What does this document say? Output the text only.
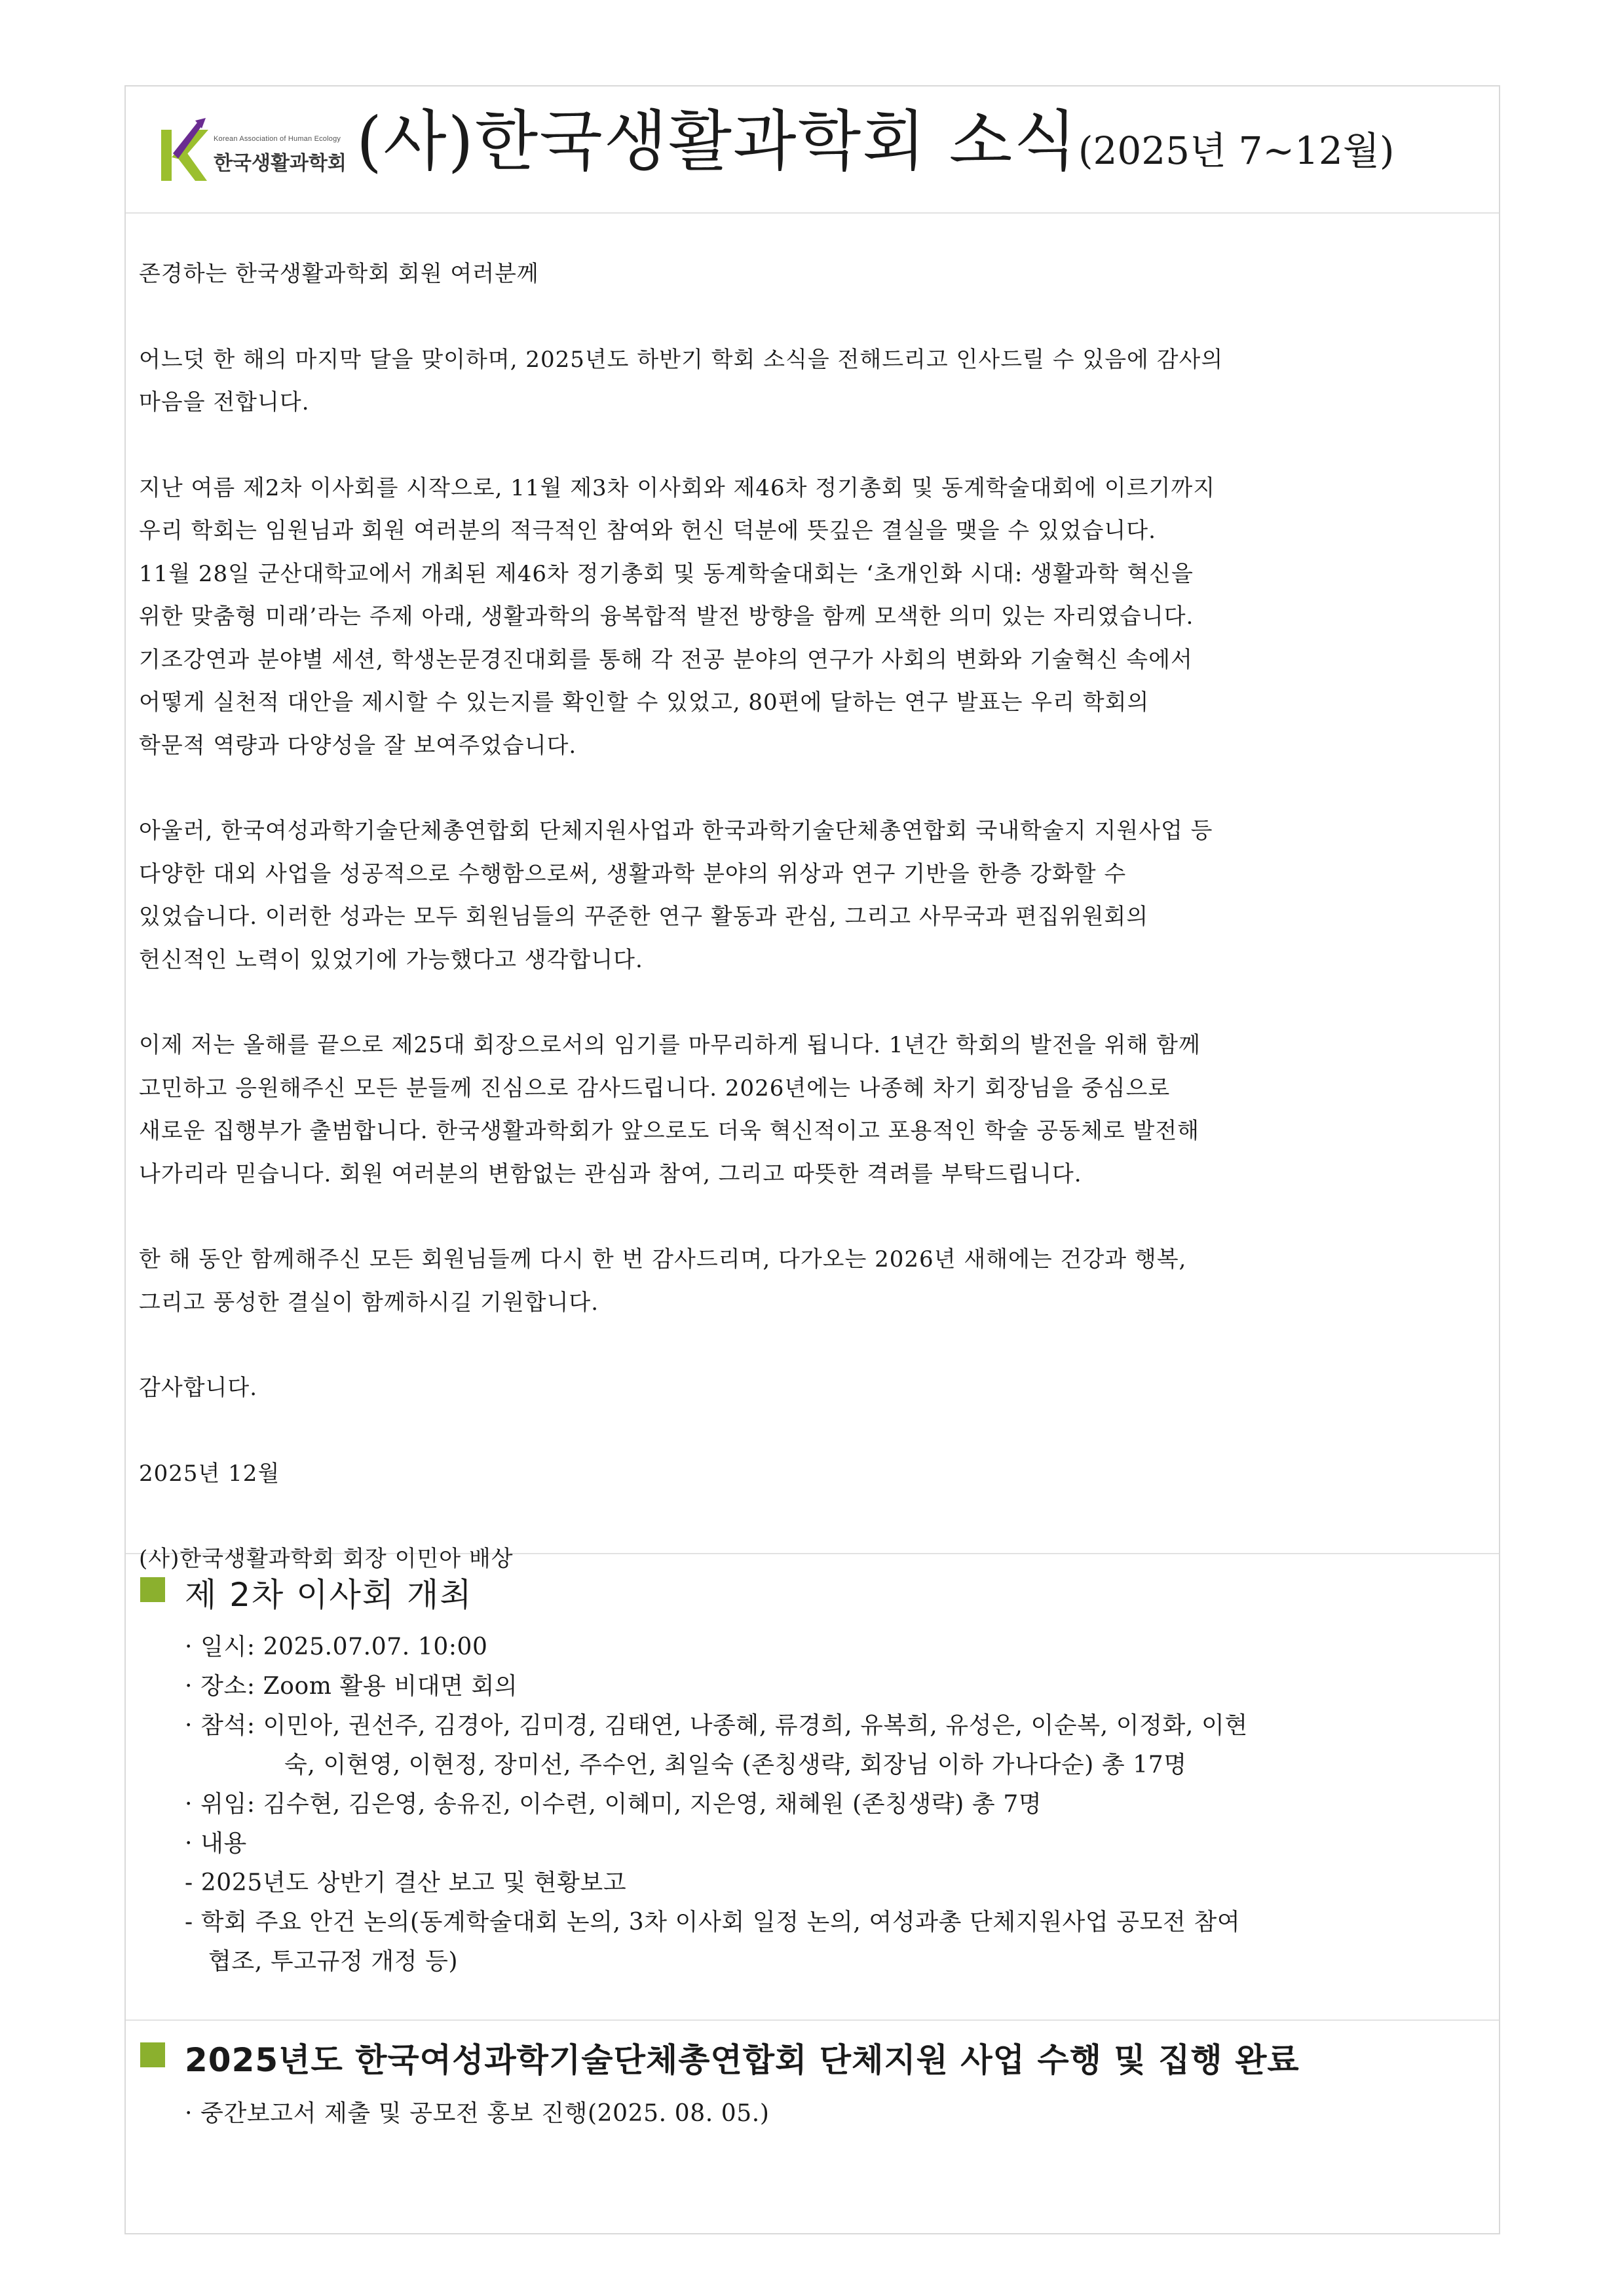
Korean Association of Human Ecology
한국생활과학회 (사)한국생활과학회 소식(2025년 7~12월)

존경하는 한국생활과학회 회원 여러분께

어느덧 한 해의 마지막 달을 맞이하며, 2025년도 하반기 학회 소식을 전해드리고 인사드릴 수 있음에 감사의
마음을 전합니다.

지난 여름 제2차 이사회를 시작으로, 11월 제3차 이사회와 제46차 정기총회 및 동계학술대회에 이르기까지
우리 학회는 임원님과 회원 여러분의 적극적인 참여와 헌신 덕분에 뜻깊은 결실을 맺을 수 있었습니다.
11월 28일 군산대학교에서 개최된 제46차 정기총회 및 동계학술대회는 ‘초개인화 시대: 생활과학 혁신을
위한 맞춤형 미래’라는 주제 아래, 생활과학의 융복합적 발전 방향을 함께 모색한 의미 있는 자리였습니다.
기조강연과 분야별 세션, 학생논문경진대회를 통해 각 전공 분야의 연구가 사회의 변화와 기술혁신 속에서
어떻게 실천적 대안을 제시할 수 있는지를 확인할 수 있었고, 80편에 달하는 연구 발표는 우리 학회의
학문적 역량과 다양성을 잘 보여주었습니다.

아울러, 한국여성과학기술단체총연합회 단체지원사업과 한국과학기술단체총연합회 국내학술지 지원사업 등
다양한 대외 사업을 성공적으로 수행함으로써, 생활과학 분야의 위상과 연구 기반을 한층 강화할 수
있었습니다. 이러한 성과는 모두 회원님들의 꾸준한 연구 활동과 관심, 그리고 사무국과 편집위원회의
헌신적인 노력이 있었기에 가능했다고 생각합니다.

이제 저는 올해를 끝으로 제25대 회장으로서의 임기를 마무리하게 됩니다. 1년간 학회의 발전을 위해 함께
고민하고 응원해주신 모든 분들께 진심으로 감사드립니다. 2026년에는 나종혜 차기 회장님을 중심으로
새로운 집행부가 출범합니다. 한국생활과학회가 앞으로도 더욱 혁신적이고 포용적인 학술 공동체로 발전해
나가리라 믿습니다. 회원 여러분의 변함없는 관심과 참여, 그리고 따뜻한 격려를 부탁드립니다.

한 해 동안 함께해주신 모든 회원님들께 다시 한 번 감사드리며, 다가오는 2026년 새해에는 건강과 행복,
그리고 풍성한 결실이 함께하시길 기원합니다.

감사합니다.

2025년 12월

(사)한국생활과학회 회장 이민아 배상

제 2차 이사회 개최
· 일시: 2025.07.07. 10:00
· 장소: Zoom 활용 비대면 회의
· 참석: 이민아, 권선주, 김경아, 김미경, 김태연, 나종혜, 류경희, 유복희, 유성은, 이순복, 이정화, 이현
숙, 이현영, 이현정, 장미선, 주수언, 최일숙 (존칭생략, 회장님 이하 가나다순) 총 17명
· 위임: 김수현, 김은영, 송유진, 이수련, 이혜미, 지은영, 채혜원 (존칭생략) 총 7명
· 내용
- 2025년도 상반기 결산 보고 및 현황보고
- 학회 주요 안건 논의(동계학술대회 논의, 3차 이사회 일정 논의, 여성과총 단체지원사업 공모전 참여
협조, 투고규정 개정 등)
2025년도 한국여성과학기술단체총연합회 단체지원 사업 수행 및 집행 완료
· 중간보고서 제출 및 공모전 홍보 진행(2025. 08. 05.)
